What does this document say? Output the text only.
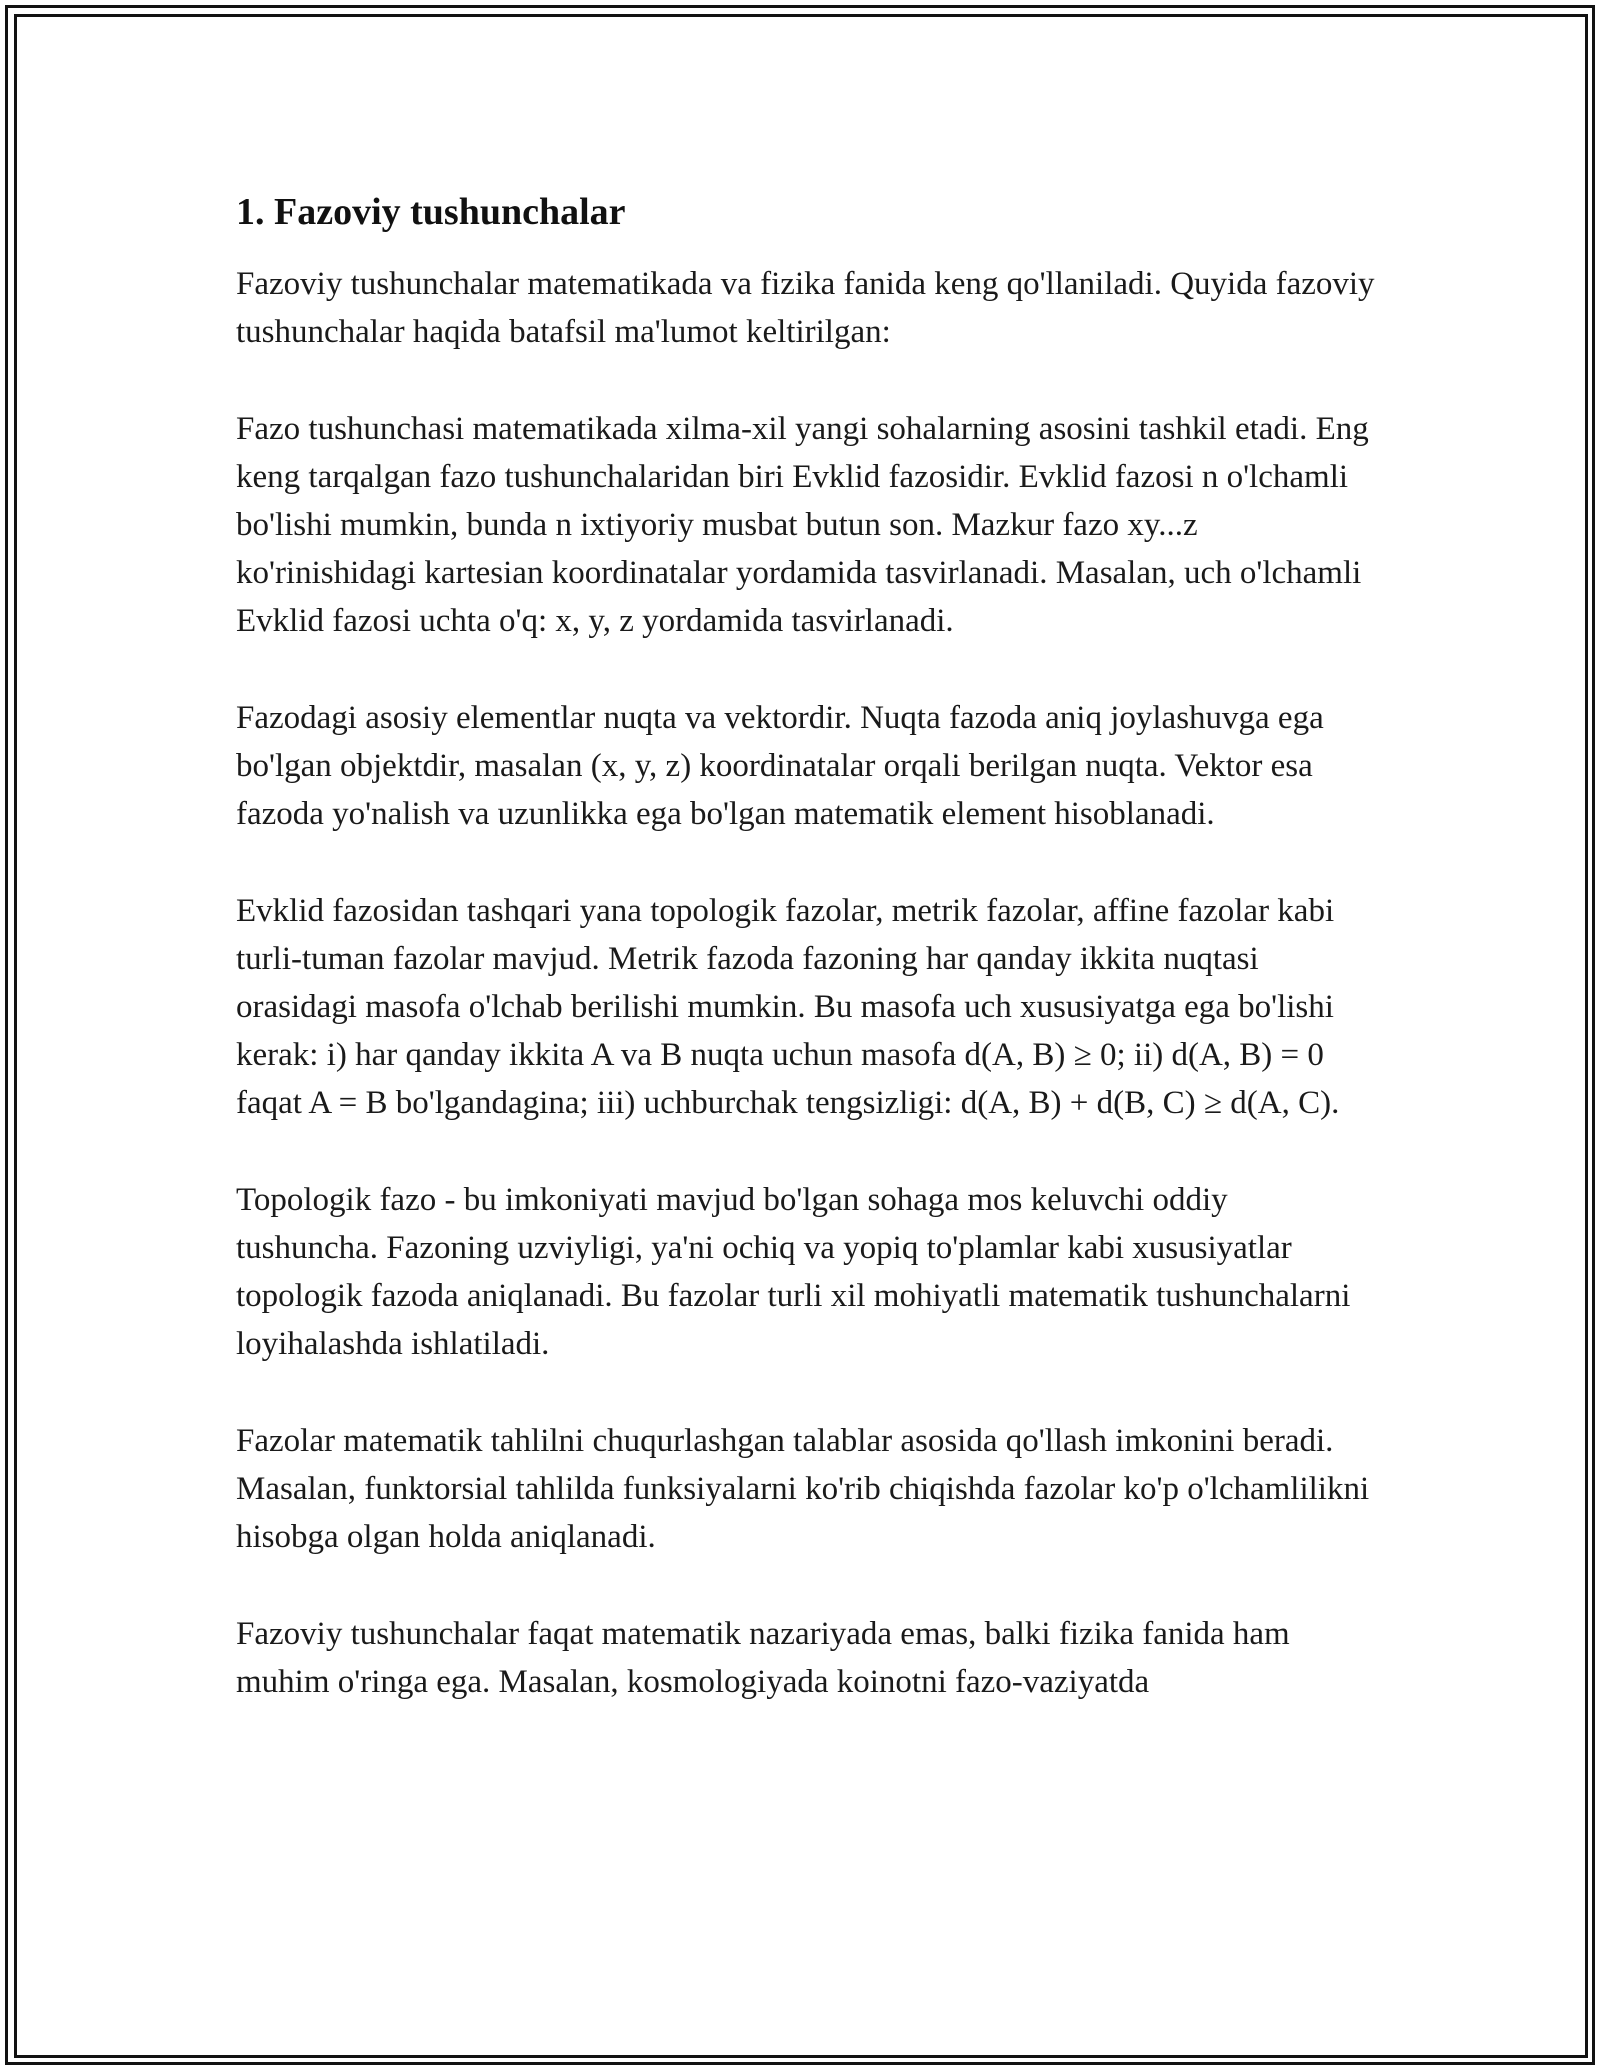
1. Fazoviy tushunchalar

Fazoviy tushunchalar matematikada va fizika fanida keng qo'llaniladi. Quyida fazoviy tushunchalar haqida batafsil ma'lumot keltirilgan:

Fazo tushunchasi matematikada xilma-xil yangi sohalarning asosini tashkil etadi. Eng keng tarqalgan fazo tushunchalaridan biri Evklid fazosidir. Evklid fazosi n o'lchamli bo'lishi mumkin, bunda n ixtiyoriy musbat butun son. Mazkur fazo xy...z ko'rinishidagi kartesian koordinatalar yordamida tasvirlanadi. Masalan, uch o'lchamli Evklid fazosi uchta o'q: x, y, z yordamida tasvirlanadi.

Fazodagi asosiy elementlar nuqta va vektordir. Nuqta fazoda aniq joylashuvga ega bo'lgan objektdir, masalan (x, y, z) koordinatalar orqali berilgan nuqta. Vektor esa fazoda yo'nalish va uzunlikka ega bo'lgan matematik element hisoblanadi.

Evklid fazosidan tashqari yana topologik fazolar, metrik fazolar, affine fazolar kabi turli-tuman fazolar mavjud. Metrik fazoda fazoning har qanday ikkita nuqtasi orasidagi masofa o'lchab berilishi mumkin. Bu masofa uch xususiyatga ega bo'lishi kerak: i) har qanday ikkita A va B nuqta uchun masofa d(A, B) ≥ 0; ii) d(A, B) = 0 faqat A = B bo'lgandagina; iii) uchburchak tengsizligi: d(A, B) + d(B, C) ≥ d(A, C).

Topologik fazo - bu imkoniyati mavjud bo'lgan sohaga mos keluvchi oddiy tushuncha. Fazoning uzviyligi, ya'ni ochiq va yopiq to'plamlar kabi xususiyatlar topologik fazoda aniqlanadi. Bu fazolar turli xil mohiyatli matematik tushunchalarni loyihalashda ishlatiladi.

Fazolar matematik tahlilni chuqurlashgan talablar asosida qo'llash imkonini beradi. Masalan, funktorsial tahlilda funksiyalarni ko'rib chiqishda fazolar ko'p o'lchamlilikni hisobga olgan holda aniqlanadi.

Fazoviy tushunchalar faqat matematik nazariyada emas, balki fizika fanida ham muhim o'ringa ega. Masalan, kosmologiyada koinotni fazo-vaziyatda
